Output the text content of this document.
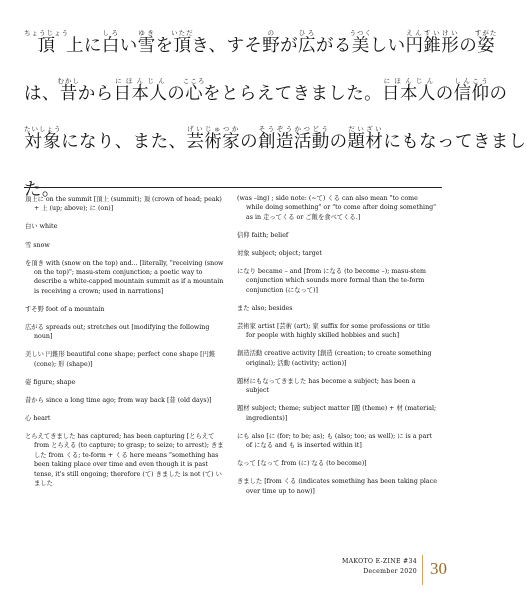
頂ちょうじょう上に白しろい雪ゆきを頂いただき、すそ野のが広ひろがる美うつくしい円錐形えんすいけいの姿すがた
は、昔むかしから日本人にほんじんの心こころをとらえてきました。日本人にほんじんの信仰しんこうの
対象たいしょうになり、また、芸術家げいじゅつかの創造そうぞう活動かつどうの題材だいざいにもなってきまし
た。
頂上に on the summit [頂上 (summit); 頂 (crown of head; peak) + 上 (up; above); に (on)]
白い white
雪 snow
を頂き with (snow on the top) and... [literally, "receiving (snow on the top)"; masu-stem conjunction; a poetic way to describe a white-capped mountain summit as if a mountain is receiving a crown; used in narrations]
すそ野 foot of a mountain
広がる spreads out; stretches out [modifying the following noun]
美しい 円錐形 beautiful cone shape; perfect cone shape [円錐 (cone); 形 (shape)]
姿 figure; shape
昔から since a long time ago; from way back [昔 (old days)]
心 heart
とらえてきました has captured; has been capturing [とらえて from とらえる (to capture; to grasp; to seize; to arrest); きました from くる; te-form + くる here means "something has been taking place over time and even though it is past tense, it's still ongoing; therefore (て) きました is not (て) いました
(was –ing) ; side note: (~て) くる can also mean "to come while doing something" or "to come after doing something" as in 走ってくる or ご飯を食べてくる.]
信仰 faith; belief
対象 subject; object; target
になり became – and [from になる (to become –); masu-stem conjunction which sounds more formal than the te-form conjunction (になって)]
また also; besides
芸術家 artist [芸術 (art); 家 suffix for some professions or title for people with highly skilled hobbies and such]
創造活動 creative activity [創造 (creation; to create something original); 活動 (activity; action)]
題材にもなってきました has become a subject; has been a subject
題材 subject; theme; subject matter [題 (theme) + 材 (material; ingredients)]
にも also [に (for; to be; as); も (also; too; as well); に is a part of になる and も is inserted within it]
なって [なって from (に) なる (to become)]
きました [from くる (indicates something has been taking place over time up to now)]
MAKOTO E-ZINE #34
December 2020 30
